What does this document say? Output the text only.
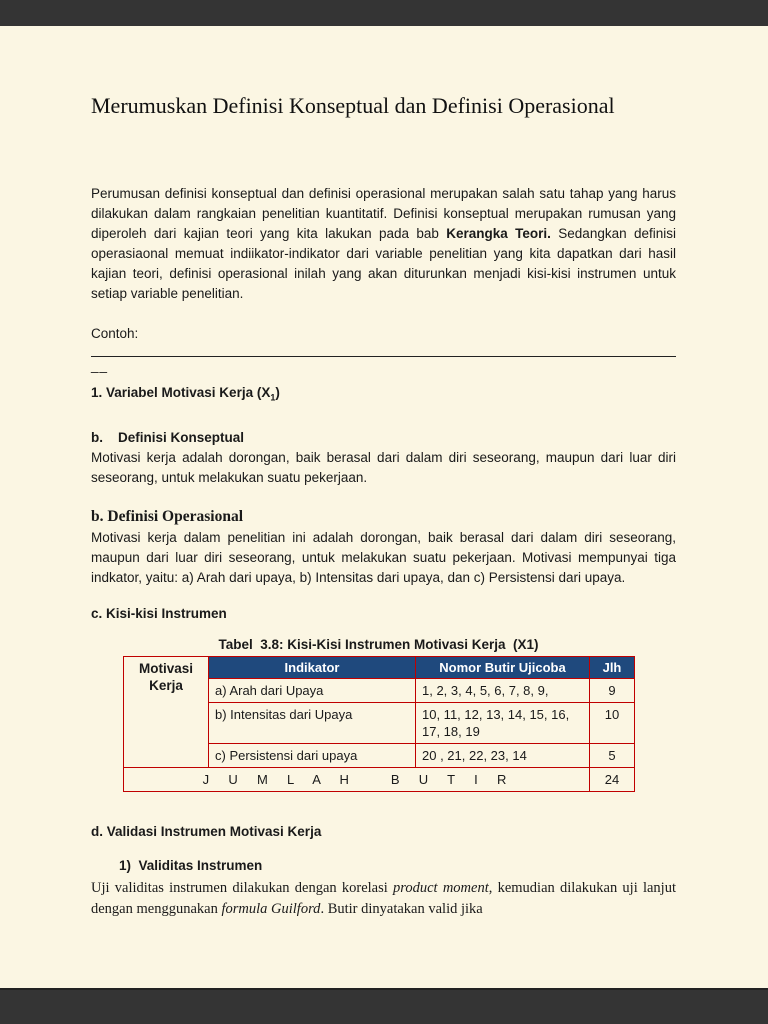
Merumuskan Definisi Konseptual dan Definisi Operasional

Perumusan definisi konseptual dan definisi operasional merupakan salah satu tahap yang harus dilakukan dalam rangkaian penelitian kuantitatif. Definisi konseptual merupakan rumusan yang diperoleh dari kajian teori yang kita lakukan pada bab Kerangka Teori. Sedangkan definisi operasiaonal memuat indiikator-indikator dari variable penelitian yang kita dapatkan dari hasil kajian teori, definisi operasional inilah yang akan diturunkan menjadi kisi-kisi instrumen untuk setiap variable penelitian.

Contoh:

__

1. Variabel Motivasi Kerja $(X_1)$

b.    Definisi Konseptual

Motivasi kerja adalah dorongan, baik berasal dari dalam diri seseorang, maupun dari luar diri seseorang, untuk melakukan suatu pekerjaan.

b. Definisi Operasional

Motivasi kerja dalam penelitian ini adalah dorongan, baik berasal dari dalam diri seseorang, maupun dari luar diri seseorang, untuk melakukan suatu pekerjaan. Motivasi mempunyai tiga indkator, yaitu: a) Arah dari upaya, b) Intensitas dari upaya, dan c) Persistensi dari upaya.

c. Kisi-kisi Instrumen

Tabel  3.8: Kisi-Kisi Instrumen Motivasi Kerja  (X1)
Motivasi Kerja	Indikator	Nomor Butir Ujicoba	Jlh
	a) Arah dari Upaya	1, 2, 3, 4, 5, 6, 7, 8, 9,	9
	b) Intensitas dari Upaya	10, 11, 12, 13, 14, 15, 16, 17, 18, 19	10
	c) Persistensi dari upaya	20 , 21, 22, 23, 14	5
J  U  M  L  A  H     B  U  T  I  R			24

d. Validasi Instrumen Motivasi Kerja

1)  Validitas Instrumen

Uji validitas instrumen dilakukan dengan korelasi product moment, kemudian dilakukan uji lanjut dengan menggunakan formula Guilford. Butir dinyatakan valid jika
